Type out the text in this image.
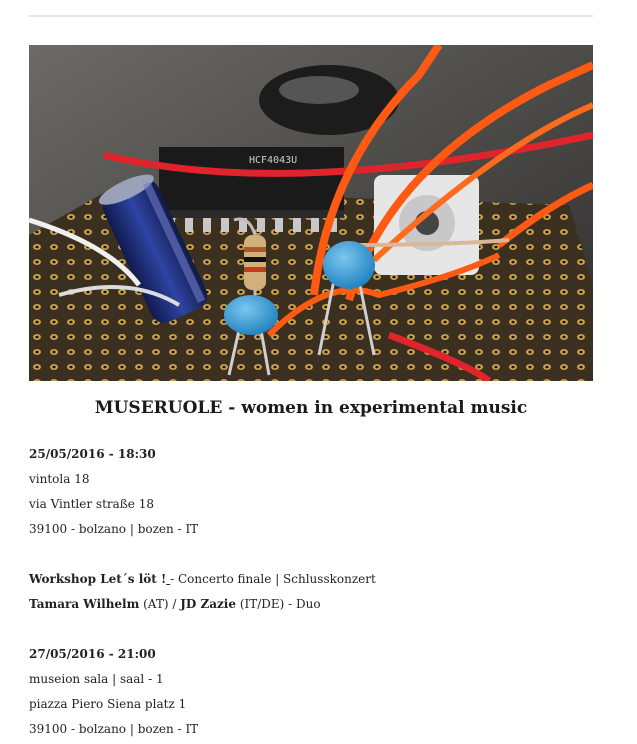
HCF4043U
MUSERUOLE - women in experimental music
25/05/2016 - 18:30
vintola 18
via Vintler straße 18
39100 - bolzano | bozen - IT
Workshop Let´s löt ! - Concerto finale | Schlusskonzert
Tamara Wilhelm (AT) / JD Zazie (IT/DE) - Duo
27/05/2016 - 21:00
museion sala | saal - 1
piazza Piero Siena platz 1
39100 - bolzano | bozen - IT
